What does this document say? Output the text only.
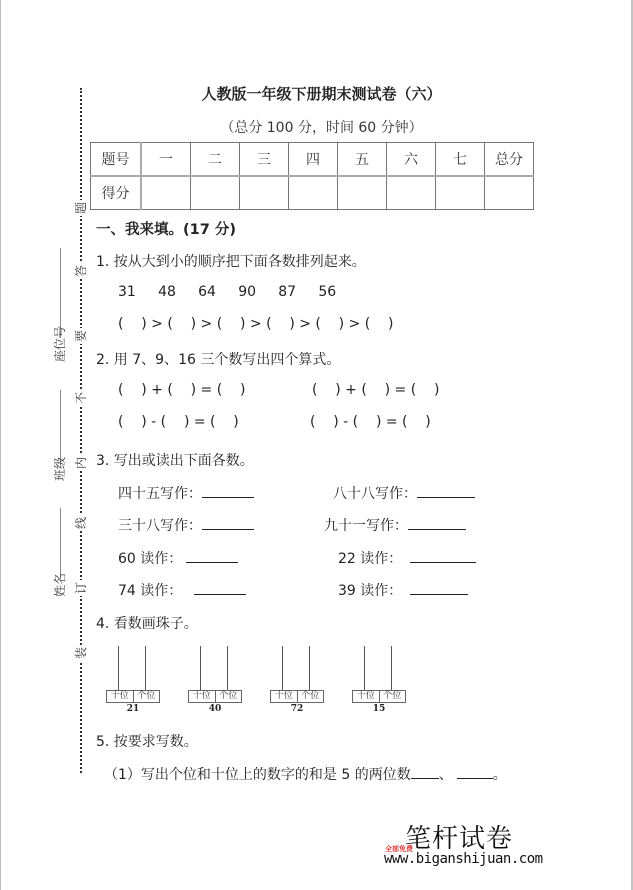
题
答
要
不
内
线
订
装
座位号
班级
姓名
人教版一年级下册期末测试卷（六）
（总分 100 分，时间 60 分钟）
题号	一	二	三	四	五	六	七	总分
得分								
一、我来填。(17 分)
1. 按从大到小的顺序把下面各数排列起来。
31     48     64     90     87     56
(    ) > (    ) > (    ) > (    ) > (    ) > (    )
2. 用 7、9、16 三个数写出四个算式。
(    ) + (    ) = (    )	(    ) + (    ) = (    )
(    ) - (    ) = (    )	(    ) - (    ) = (    )
3. 写出或读出下面各数。
四十五写作：	八十八写作：
三十八写作：	九十一写作：
60 读作：	22 读作：
74 读作：	39 读作：
4. 看数画珠子。
十位 个位
21
十位 个位
40
十位 个位
72
十位 个位
15
5. 按要求写数。
（1）写出个位和十位上的数字的和是 5 的两位数 、	。
笔杆试卷
全部免费
www.biganshijuan.com
